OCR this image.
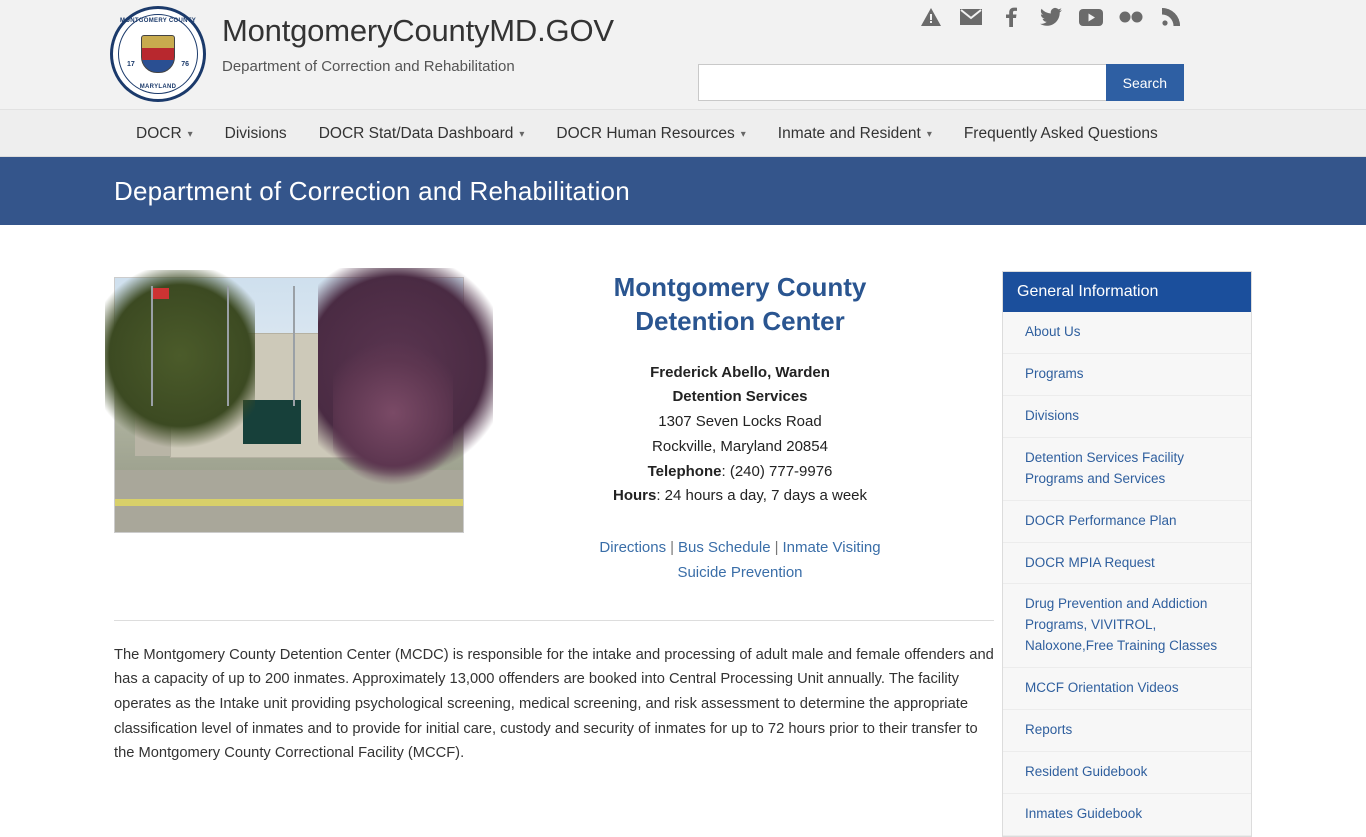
MONTGOMERY COUNTY
17	76
MARYLAND
MontgomeryCountyMD.GOV
Department of Correction and Rehabilitation
Search
DOCR ▾	Divisions	DOCR Stat/Data Dashboard ▾	DOCR Human Resources ▾	Inmate and Resident ▾	Frequently Asked Questions
Department of Correction and Rehabilitation
Montgomery County
Detention Center
Frederick Abello, Warden
Detention Services
1307 Seven Locks Road
Rockville, Maryland 20854
Telephone: (240) 777-9976
Hours: 24 hours a day, 7 days a week
Directions | Bus Schedule | Inmate Visiting
Suicide Prevention
The Montgomery County Detention Center (MCDC) is responsible for the intake and processing of adult male and female offenders and has a capacity of up to 200 inmates. Approximately 13,000 offenders are booked into Central Processing Unit annually. The facility operates as the Intake unit providing psychological screening, medical screening, and risk assessment to determine the appropriate classification level of inmates and to provide for initial care, custody and security of inmates for up to 72 hours prior to their transfer to the Montgomery County Correctional Facility (MCCF).
General Information
About Us
Programs
Divisions
Detention Services Facility Programs and Services
DOCR Performance Plan
DOCR MPIA Request
Drug Prevention and Addiction Programs, VIVITROL, Naloxone,Free Training Classes
MCCF Orientation Videos
Reports
Resident Guidebook
Inmates Guidebook
